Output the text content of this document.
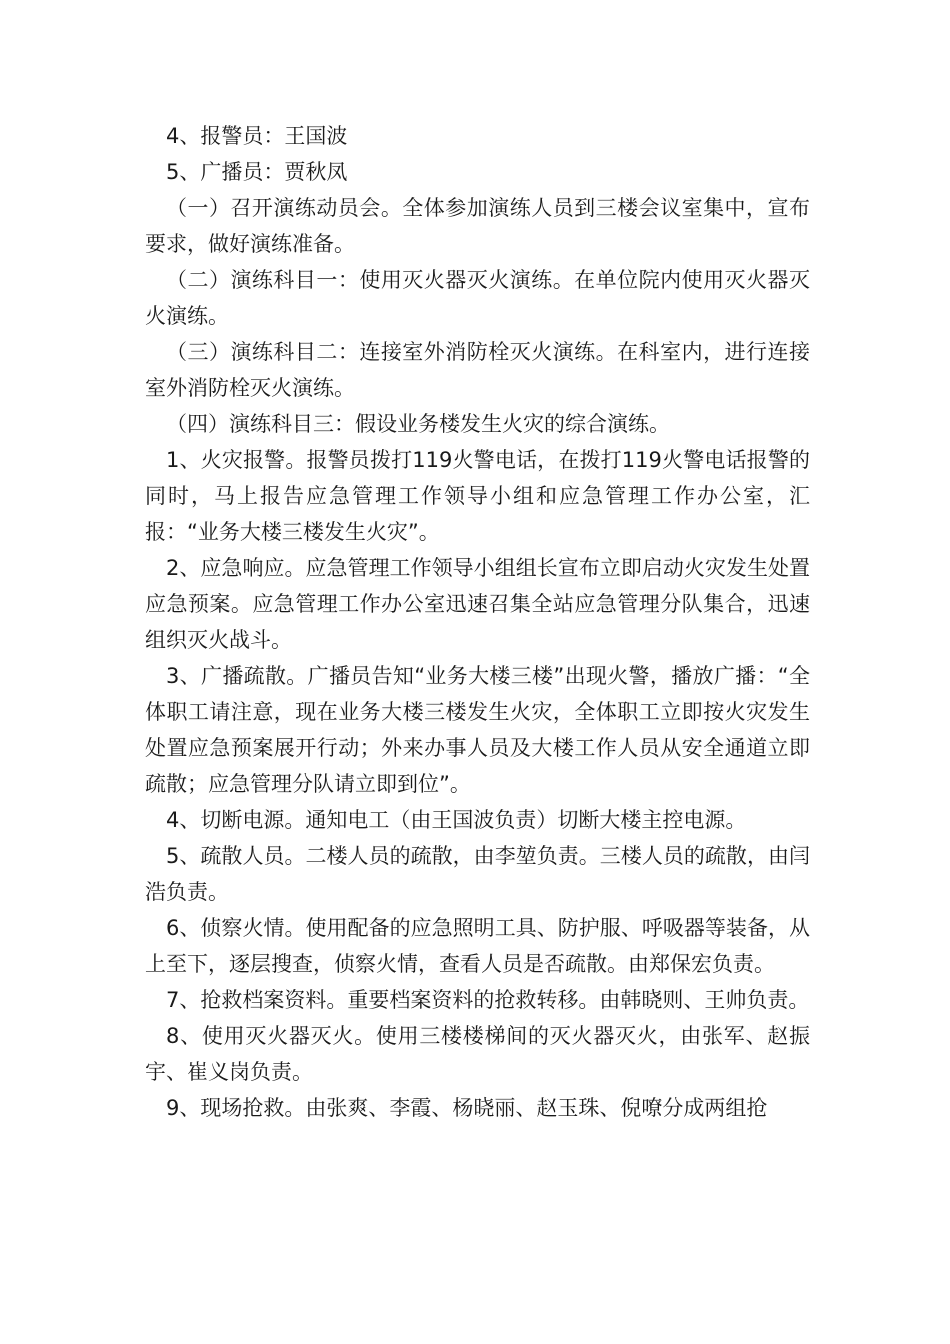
4、报警员：王国波

5、广播员：贾秋凤

（一）召开演练动员会。全体参加演练人员到三楼会议室集中，宣布要求，做好演练准备。

（二）演练科目一：使用灭火器灭火演练。在单位院内使用灭火器灭火演练。

（三）演练科目二：连接室外消防栓灭火演练。在科室内，进行连接室外消防栓灭火演练。

（四）演练科目三：假设业务楼发生火灾的综合演练。

1、火灾报警。报警员拨打119火警电话，在拨打119火警电话报警的同时，马上报告应急管理工作领导小组和应急管理工作办公室，汇报：“业务大楼三楼发生火灾”。

2、应急响应。应急管理工作领导小组组长宣布立即启动火灾发生处置应急预案。应急管理工作办公室迅速召集全站应急管理分队集合，迅速组织灭火战斗。

3、广播疏散。广播员告知“业务大楼三楼”出现火警，播放广播：“全体职工请注意，现在业务大楼三楼发生火灾，全体职工立即按火灾发生处置应急预案展开行动；外来办事人员及大楼工作人员从安全通道立即疏散；应急管理分队请立即到位”。

4、切断电源。通知电工（由王国波负责）切断大楼主控电源。

5、疏散人员。二楼人员的疏散，由李堃负责。三楼人员的疏散，由闫浩负责。

6、侦察火情。使用配备的应急照明工具、防护服、呼吸器等装备，从上至下，逐层搜查，侦察火情，查看人员是否疏散。由郑保宏负责。

7、抢救档案资料。重要档案资料的抢救转移。由韩晓则、王帅负责。

8、使用灭火器灭火。使用三楼楼梯间的灭火器灭火，由张军、赵振宇、崔义岗负责。

9、现场抢救。由张爽、李霞、杨晓丽、赵玉珠、倪嘹分成两组抢
